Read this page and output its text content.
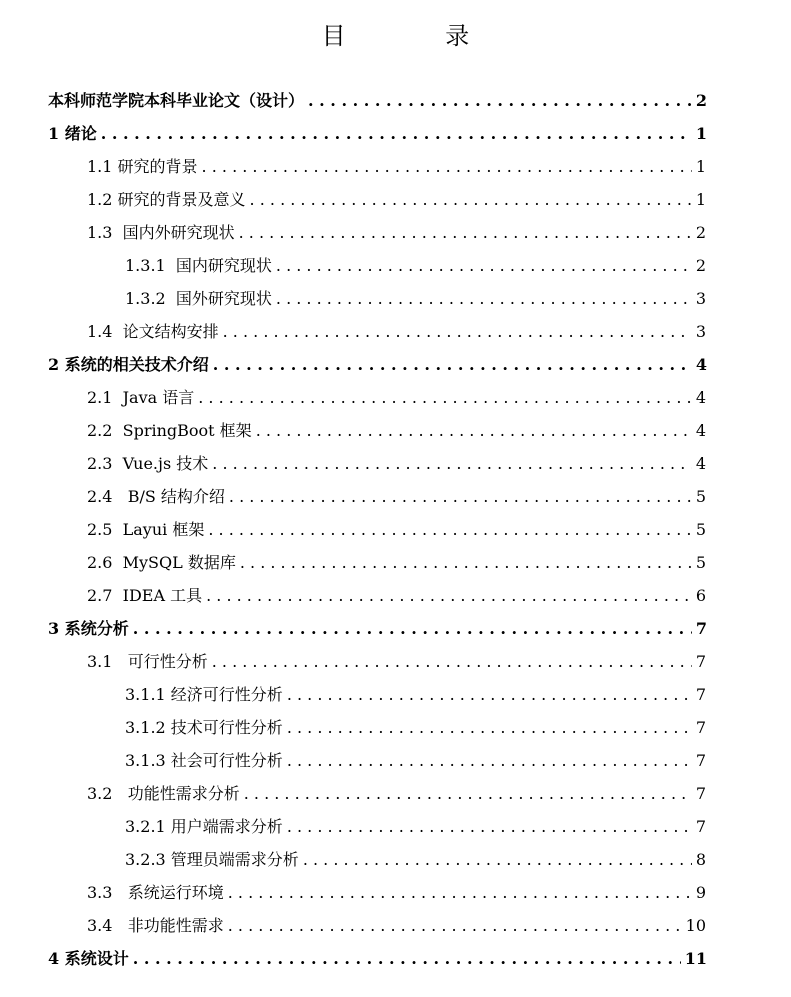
目 录
本科师范学院本科毕业论文（设计） . . .	2
1 绪论 . . .	1
1.1 研究的背景 . . .	1
1.2 研究的背景及意义 . . .	1
1.3  国内外研究现状 . . .	2
1.3.1  国内研究现状 . . .	2
1.3.2  国外研究现状 . . .	3
1.4  论文结构安排 . . .	3
2 系统的相关技术介绍 . . .	4
2.1  Java 语言 . . .	4
2.2  SpringBoot 框架 . . .	4
2.3  Vue.js 技术 . . .	4
2.4   B/S 结构介绍 . . .	5
2.5  Layui 框架 . . .	5
2.6  MySQL 数据库 . . .	5
2.7  IDEA 工具 . . .	6
3 系统分析 . . .	7
3.1   可行性分析 . . .	7
3.1.1 经济可行性分析 . . .	7
3.1.2 技术可行性分析 . . .	7
3.1.3 社会可行性分析 . . .	7
3.2   功能性需求分析 . . .	7
3.2.1 用户端需求分析 . . .	7
3.2.3 管理员端需求分析 . . .	8
3.3   系统运行环境 . . .	9
3.4   非功能性需求 . . .	10
4 系统设计 . . .	11
